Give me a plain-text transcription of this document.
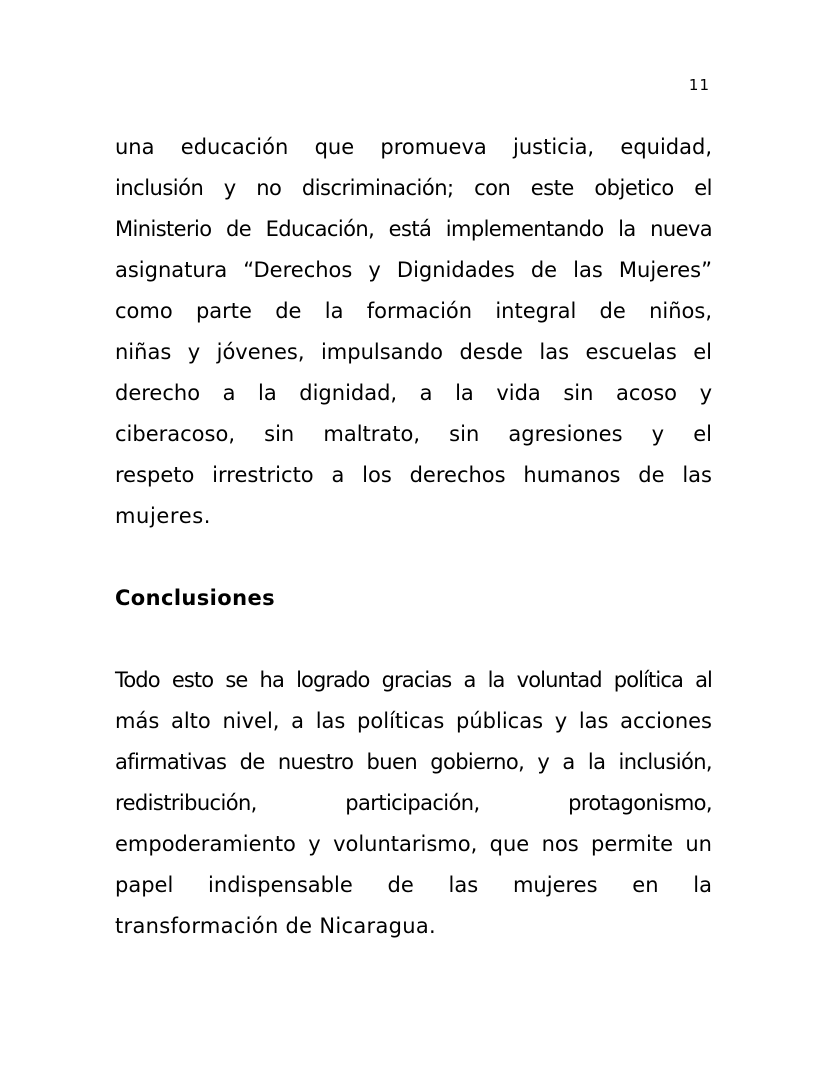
11

una educación que promueva justicia, equidad,
inclusión y no discriminación; con este objetico el
Ministerio de Educación, está implementando la nueva
asignatura “Derechos y Dignidades de las Mujeres”
como parte de la formación integral de niños,
niñas y jóvenes, impulsando desde las escuelas el
derecho a la dignidad, a la vida sin acoso y
ciberacoso, sin maltrato, sin agresiones y el
respeto irrestricto a los derechos humanos de las
mujeres.

Conclusiones

Todo esto se ha logrado gracias a la voluntad política al
más alto nivel, a las políticas públicas y las acciones
afirmativas de nuestro buen gobierno, y a la inclusión,
redistribución, participación, protagonismo,
empoderamiento y voluntarismo, que nos permite un
papel indispensable de las mujeres en la
transformación de Nicaragua.
